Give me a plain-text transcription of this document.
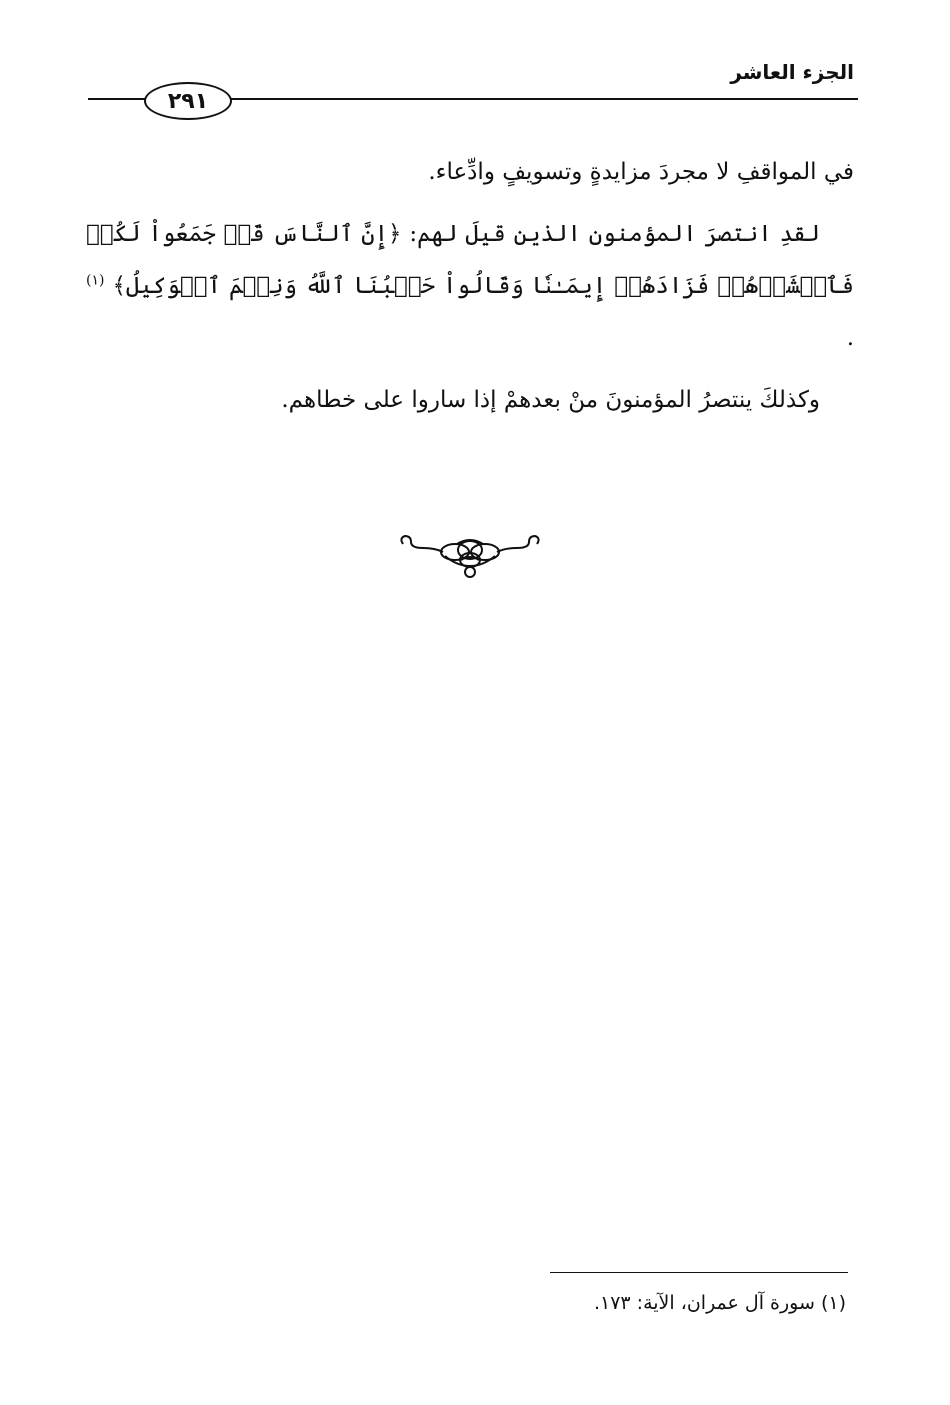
الجزء العاشر
٢٩١

في المواقفِ لا مجردَ مزايدةٍ وتسويفٍ وادِّعاء.

لقدِ انتصرَ المؤمنون الذين قيلَ لهم: ﴿إِنَّ ٱلنَّاسَ قَدۡ جَمَعُواْ لَكُمۡ فَٱخۡشَوۡهُمۡ فَزَادَهُمۡ إِيمَـٰنٗا وَقَالُواْ حَسۡبُنَا ٱللَّهُ وَنِعۡمَ ٱلۡوَكِيلُ﴾ $^{(١)}$ .

وكذلكَ ينتصرُ المؤمنونَ منْ بعدهمْ إذا ساروا على خطاهم.

(١) سورة آل عمران، الآية: ١٧٣.
